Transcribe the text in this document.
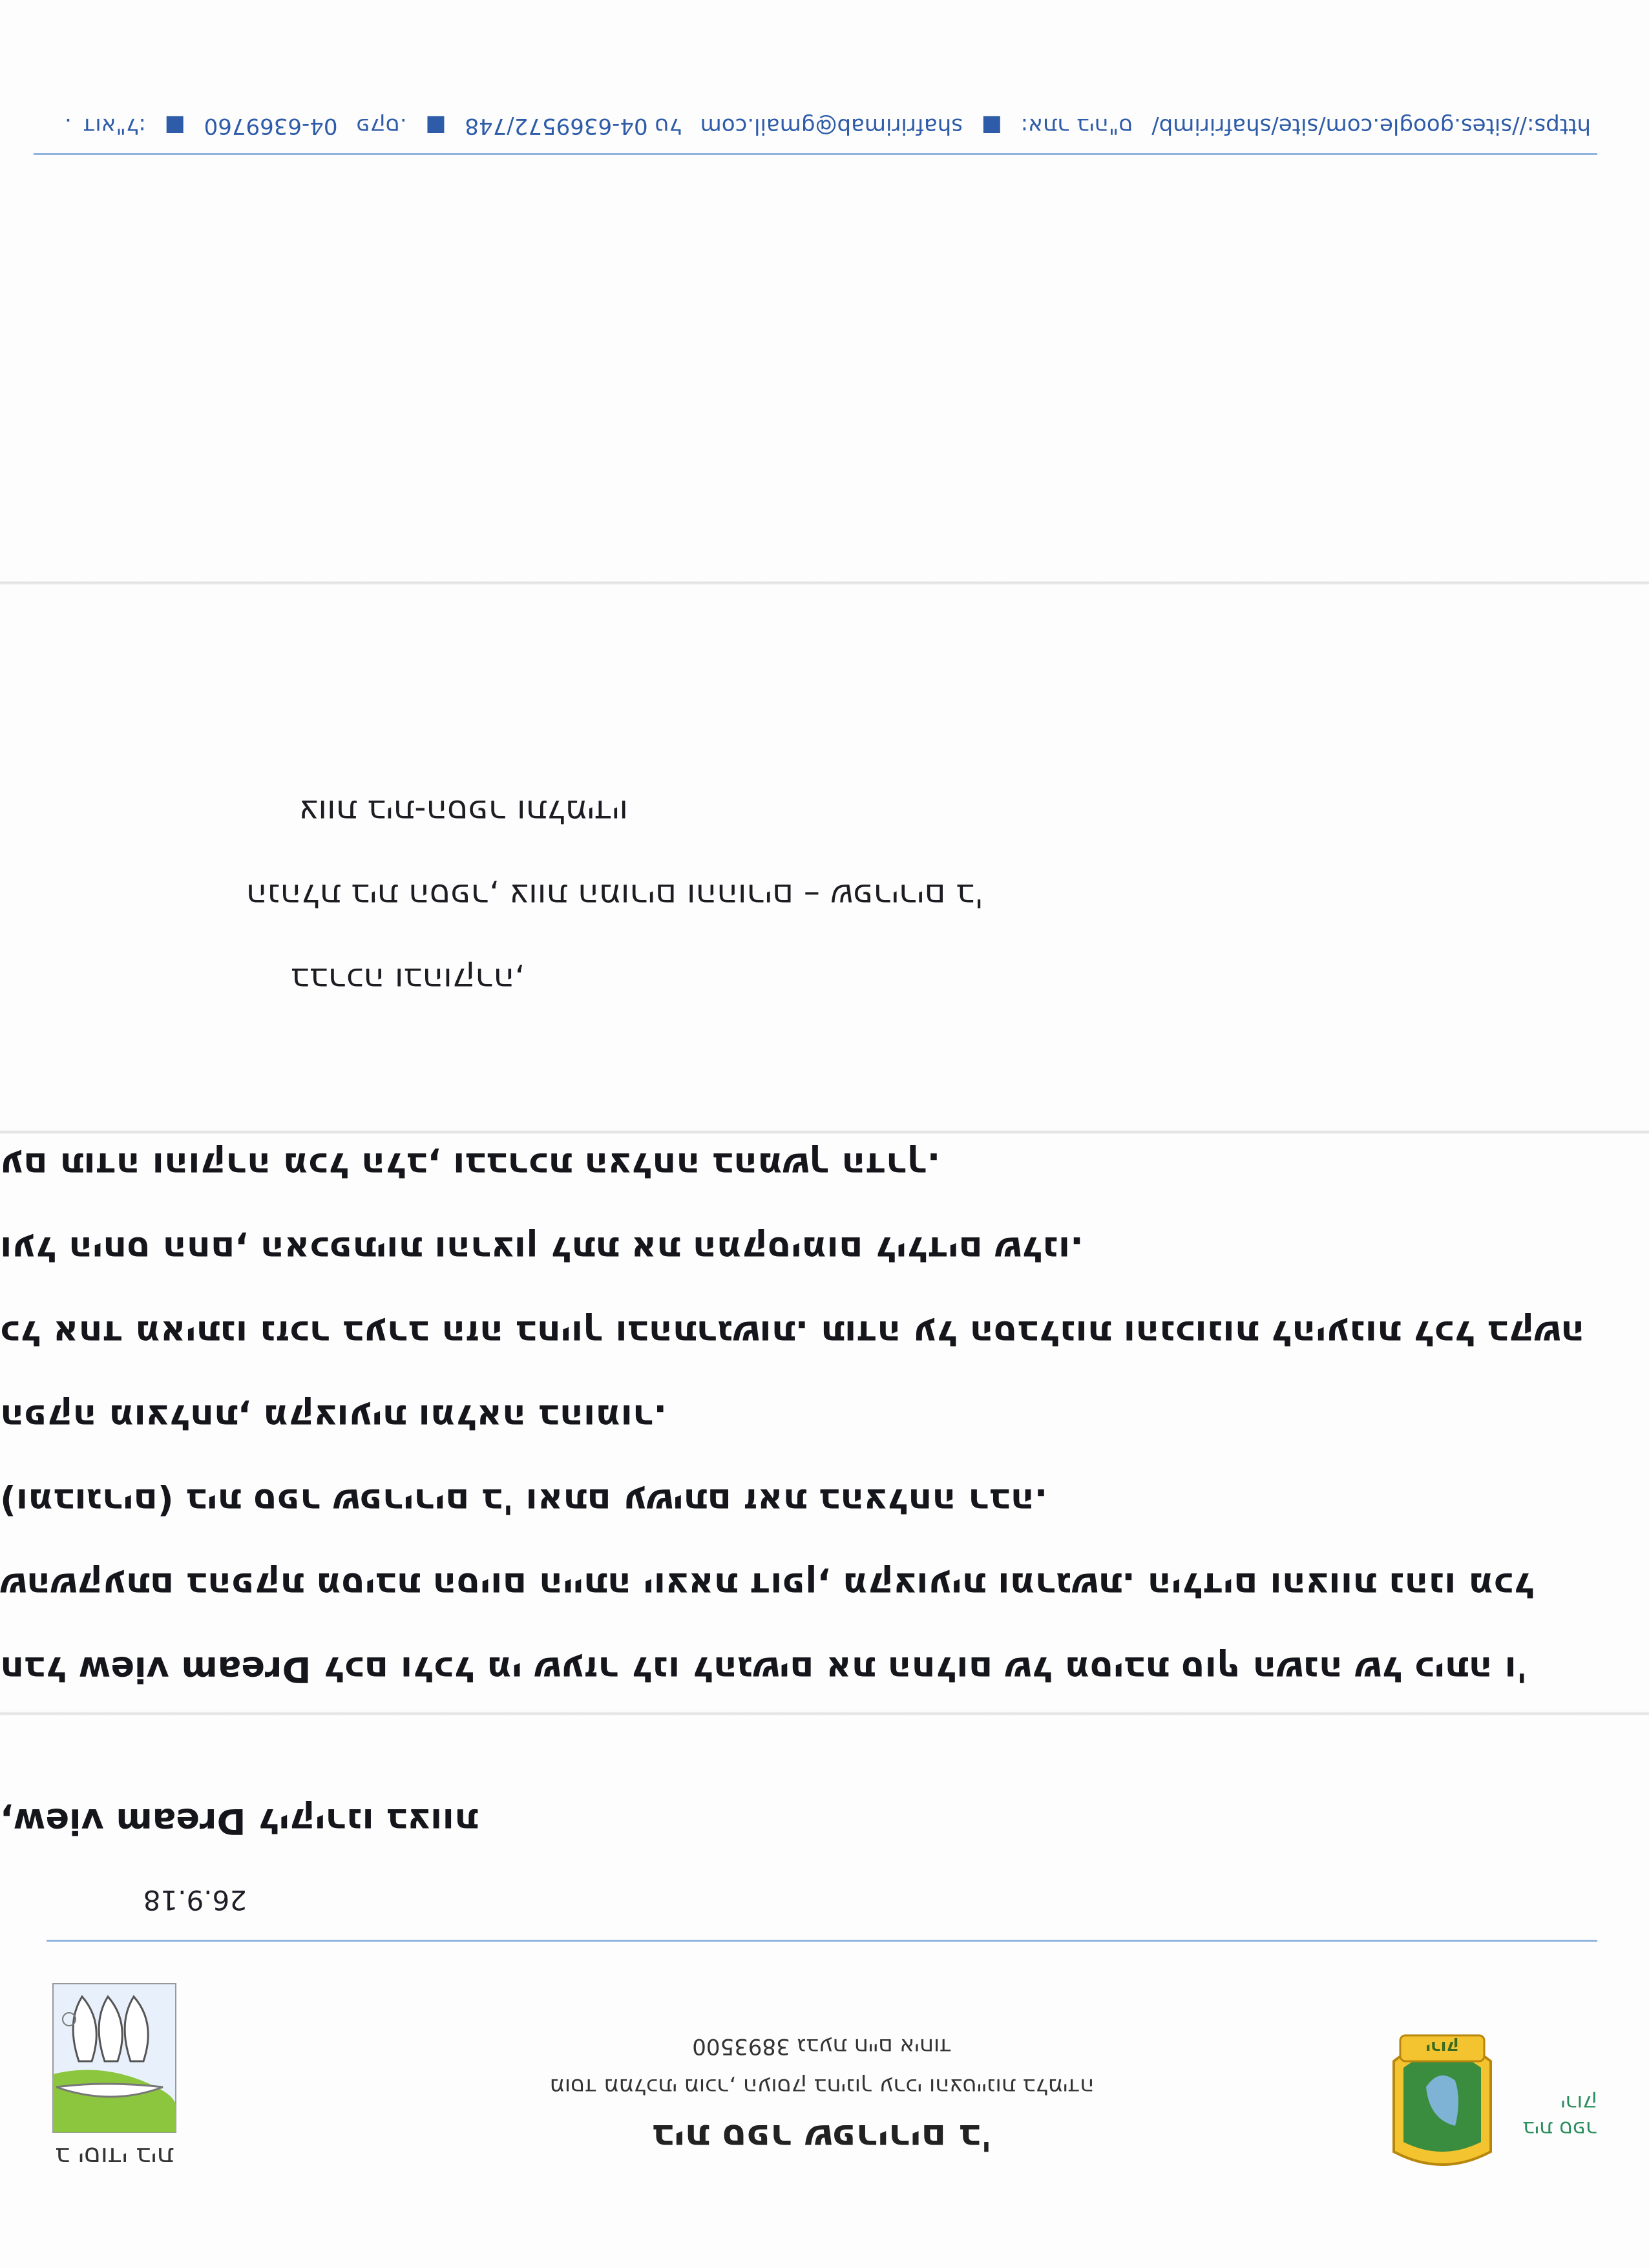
ב יסודי בית	בית ספר שפרירים ב'
מוסד ממלכתי מוכר, העוסק בחינוך ערכי והצטיינות בלמידה
3893500 גבעת חיים איחוד	ירוק
בית ספר ירוק
26.9.18
,Dream view ליקירנו בצוות
חבל Dream view לכם ולכל מי שעזר לנו להגשים את החלום של מסיבת סוף השנה של כיתה ו'
שהשקעתם בהפקת מסיבת הסיום הייתה יוצאת דופן, מקצועית ומרגשת. הילדים והצוות נהנו מכל
(ומבוגרים) בית ספר שפרירים ב' ואתם עשיתם זאת בהצלחה רבה.
הפקה מוצלחת, מקצועית ומלאה בהומור.
כל אחד מאיתנו נזכר בערב הזה בחיוך ובהתרגשות. תודה על הסבלנות והנכונות להיענות לכל בקשה
ועל היחס החם, האכפתיות והרצון לתת את המקסימום לילדים שלנו.
עם תודה והוקרה מכל הלב, ובברכת הצלחה בהמשך הדרך.
בברכה ובהוקרה,
הנהלת בית הספר, צוות המורים וההורים – שפרירים ב'
צוות בית-הספר ותלמידיו
https://sites.google.com/site/shafririmb/ אתר ביה"ס: ■ shafririmab@gmail.com דוא"ל: ■ 04-6369760 פקס. ■ 04-6369572/748 טל.
